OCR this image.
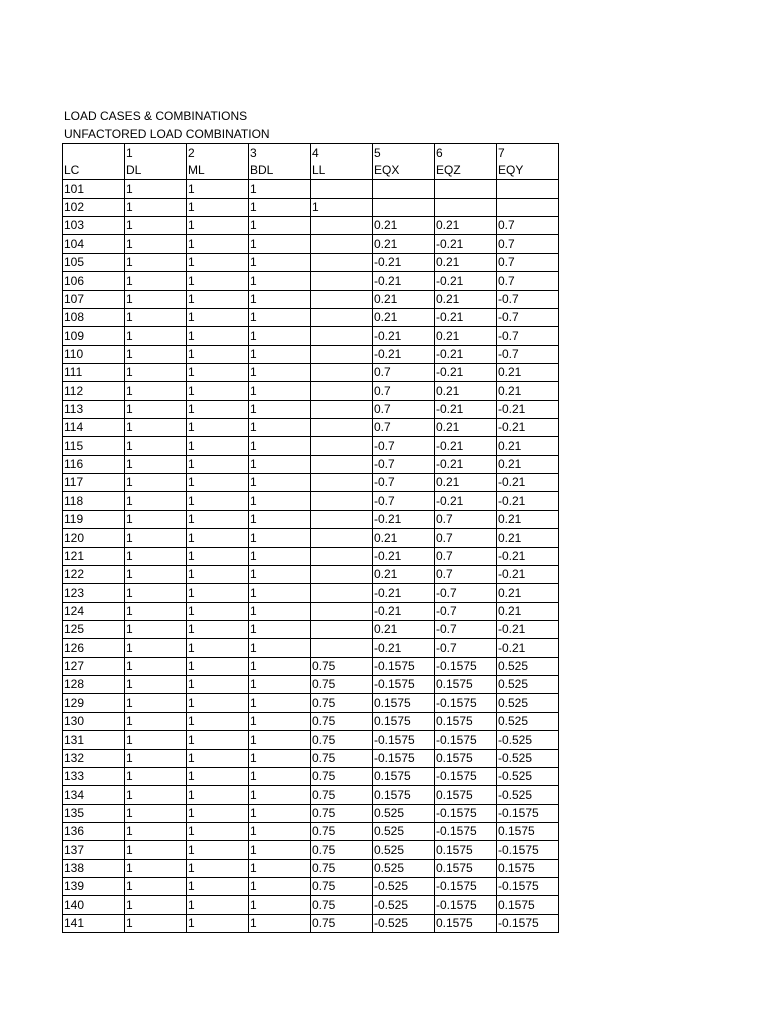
LOAD CASES & COMBINATIONS
UNFACTORED LOAD COMBINATION
	1	2	3	4	5	6	7
LC	DL	ML	BDL	LL	EQX	EQZ	EQY
101	1	1	1				
102	1	1	1	1			
103	1	1	1		0.21	0.21	0.7
104	1	1	1		0.21	-0.21	0.7
105	1	1	1		-0.21	0.21	0.7
106	1	1	1		-0.21	-0.21	0.7
107	1	1	1		0.21	0.21	-0.7
108	1	1	1		0.21	-0.21	-0.7
109	1	1	1		-0.21	0.21	-0.7
110	1	1	1		-0.21	-0.21	-0.7
111	1	1	1		0.7	-0.21	0.21
112	1	1	1		0.7	0.21	0.21
113	1	1	1		0.7	-0.21	-0.21
114	1	1	1		0.7	0.21	-0.21
115	1	1	1		-0.7	-0.21	0.21
116	1	1	1		-0.7	-0.21	0.21
117	1	1	1		-0.7	0.21	-0.21
118	1	1	1		-0.7	-0.21	-0.21
119	1	1	1		-0.21	0.7	0.21
120	1	1	1		0.21	0.7	0.21
121	1	1	1		-0.21	0.7	-0.21
122	1	1	1		0.21	0.7	-0.21
123	1	1	1		-0.21	-0.7	0.21
124	1	1	1		-0.21	-0.7	0.21
125	1	1	1		0.21	-0.7	-0.21
126	1	1	1		-0.21	-0.7	-0.21
127	1	1	1	0.75	-0.1575	-0.1575	0.525
128	1	1	1	0.75	-0.1575	0.1575	0.525
129	1	1	1	0.75	0.1575	-0.1575	0.525
130	1	1	1	0.75	0.1575	0.1575	0.525
131	1	1	1	0.75	-0.1575	-0.1575	-0.525
132	1	1	1	0.75	-0.1575	0.1575	-0.525
133	1	1	1	0.75	0.1575	-0.1575	-0.525
134	1	1	1	0.75	0.1575	0.1575	-0.525
135	1	1	1	0.75	0.525	-0.1575	-0.1575
136	1	1	1	0.75	0.525	-0.1575	0.1575
137	1	1	1	0.75	0.525	0.1575	-0.1575
138	1	1	1	0.75	0.525	0.1575	0.1575
139	1	1	1	0.75	-0.525	-0.1575	-0.1575
140	1	1	1	0.75	-0.525	-0.1575	0.1575
141	1	1	1	0.75	-0.525	0.1575	-0.1575
